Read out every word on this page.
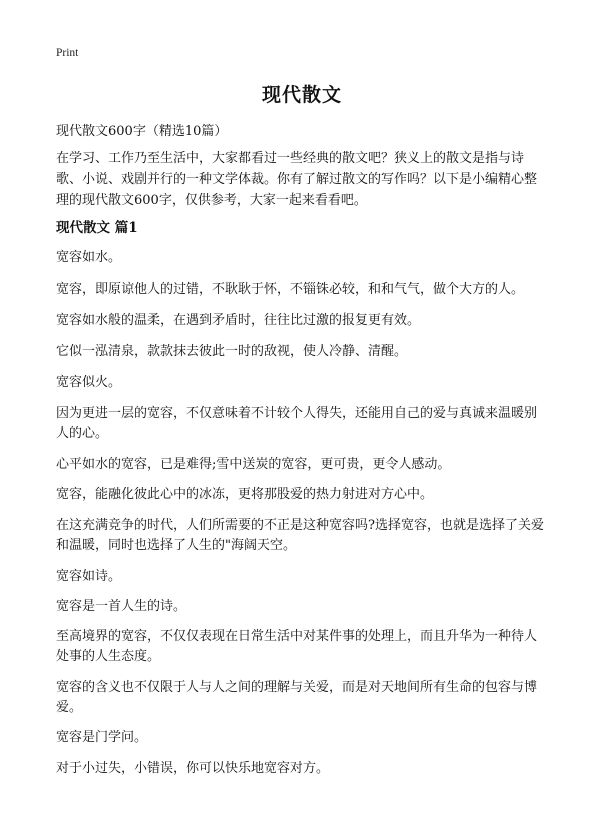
Print
现代散文

现代散文600字（精选10篇）

在学习、工作乃至生活中，大家都看过一些经典的散文吧？狭义上的散文是指与诗歌、小说、戏剧并行的一种文学体裁。你有了解过散文的写作吗？以下是小编精心整理的现代散文600字，仅供参考，大家一起来看看吧。

现代散文 篇1

宽容如水。

宽容，即原谅他人的过错，不耿耿于怀，不锱铢必较，和和气气，做个大方的人。

宽容如水般的温柔，在遇到矛盾时，往往比过激的报复更有效。

它似一泓清泉，款款抹去彼此一时的敌视，使人冷静、清醒。

宽容似火。

因为更进一层的宽容，不仅意味着不计较个人得失，还能用自己的爱与真诚来温暖别人的心。

心平如水的宽容，已是难得;雪中送炭的宽容，更可贵，更令人感动。

宽容，能融化彼此心中的冰冻，更将那股爱的热力射进对方心中。

在这充满竞争的时代，人们所需要的不正是这种宽容吗?选择宽容，也就是选择了关爱和温暖，同时也选择了人生的"海阔天空。

宽容如诗。

宽容是一首人生的诗。

至高境界的宽容，不仅仅表现在日常生活中对某件事的处理上，而且升华为一种待人处事的人生态度。

宽容的含义也不仅限于人与人之间的理解与关爱，而是对天地间所有生命的包容与博爱。

宽容是门学问。

对于小过失，小错误，你可以快乐地宽容对方。
